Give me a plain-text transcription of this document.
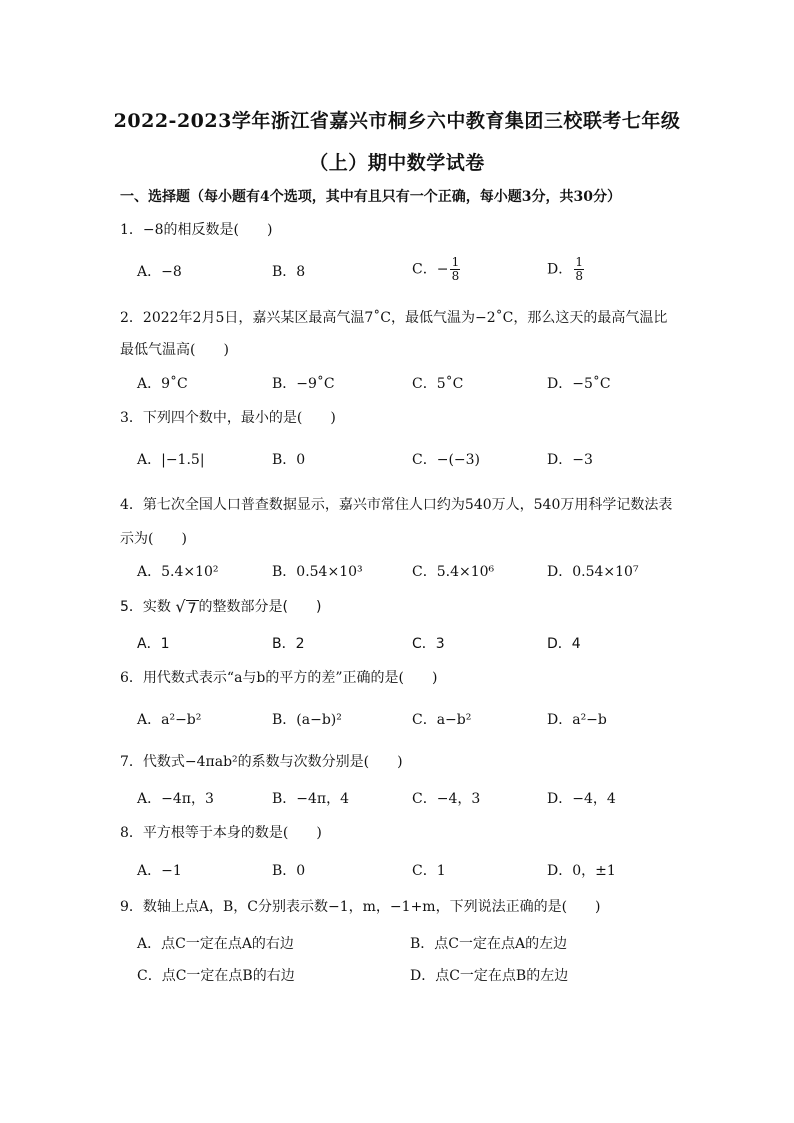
2022-2023学年浙江省嘉兴市桐乡六中教育集团三校联考七年级
（上）期中数学试卷
一、选择题（每小题有4个选项，其中有且只有一个正确，每小题3分，共30分）
1．−8的相反数是(　　)
A．−8	B．8	C．− $\frac{1}{8}$	D． $\frac{1}{8}$
2．2022年2月5日，嘉兴某区最高气温7˚C，最低气温为−2˚C，那么这天的最高气温比最低气温高(　　)
A．9˚C	B．−9˚C	C．5˚C	D．−5˚C
3．下列四个数中，最小的是(　　)
A．|−1.5|	B．0	C．−(−3)	D．−3
4．第七次全国人口普查数据显示，嘉兴市常住人口约为540万人，540万用科学记数法表示为(　　)
A．5.4×10²	B．0.54×10³	C．5.4×10⁶	D．0.54×10⁷
5．实数 √ 7 的整数部分是(　　)
A．1	B．2	C．3	D．4
6．用代数式表示“a与b的平方的差”正确的是(　　)
A．a²−b²	B．(a−b)²	C．a−b²	D．a²−b
7．代数式−4πab²的系数与次数分别是(　　)
A．−4π，3	B．−4π，4	C．−4，3	D．−4，4
8．平方根等于本身的数是(　　)
A．−1	B．0	C．1	D．0，±1
9．数轴上点A，B，C分别表示数−1，m，−1+m，下列说法正确的是(　　)
A．点C一定在点A的右边	B．点C一定在点A的左边
C．点C一定在点B的右边	D．点C一定在点B的左边
